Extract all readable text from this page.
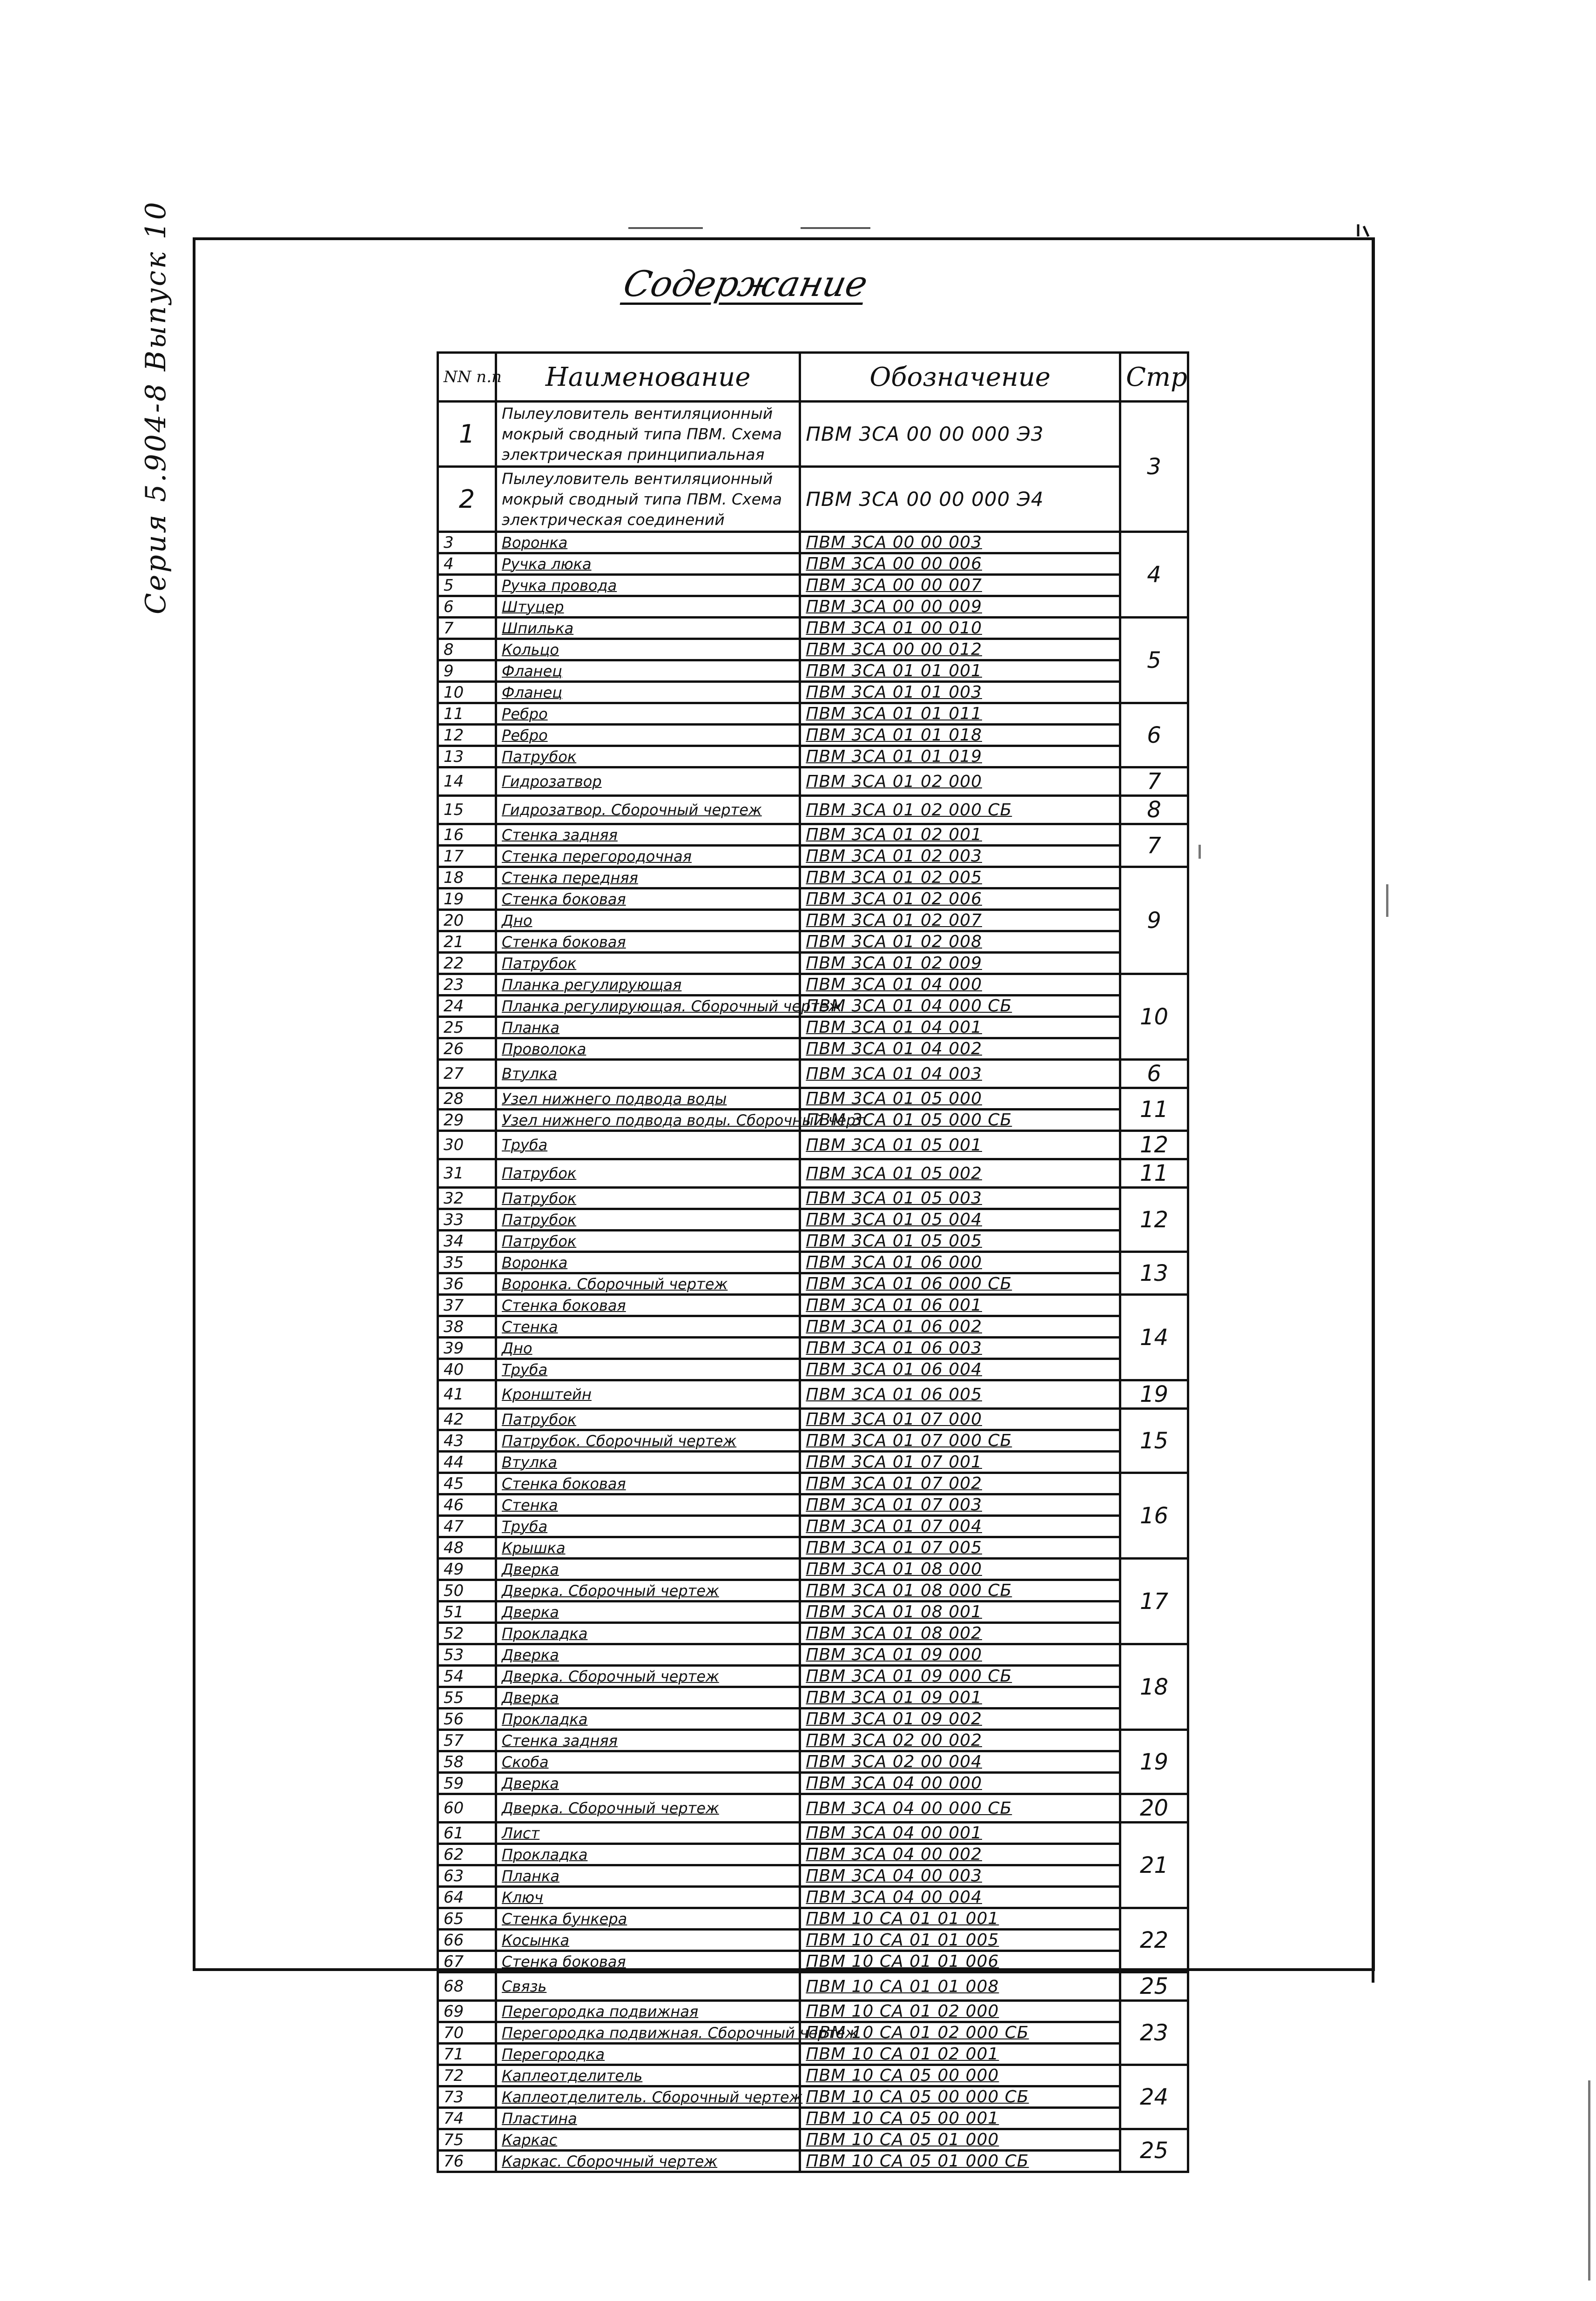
Серия 5.904-8 Выпуск 10	Содержание
NN п.п	Наименование	Обозначение	Стр
1	Пылеуловитель вентиляционный мокрый сводный типа ПВМ. Схема электрическая принципиальная	ПВМ 3СА 00 00 000 Э3	3
2	Пылеуловитель вентиляционный мокрый сводный типа ПВМ. Схема электрическая соединений	ПВМ 3СА 00 00 000 Э4	
3	Воронка	ПВМ 3СА 00 00 003	4
4	Ручка люка	ПВМ 3СА 00 00 006	
5	Ручка провода	ПВМ 3СА 00 00 007	
6	Штуцер	ПВМ 3СА 00 00 009	
7	Шпилька	ПВМ 3СА 01 00 010	5
8	Кольцо	ПВМ 3СА 00 00 012	
9	Фланец	ПВМ 3СА 01 01 001	
10	Фланец	ПВМ 3СА 01 01 003	
11	Ребро	ПВМ 3СА 01 01 011	6
12	Ребро	ПВМ 3СА 01 01 018	
13	Патрубок	ПВМ 3СА 01 01 019	
14	Гидрозатвор	ПВМ 3СА 01 02 000	7
15	Гидрозатвор. Сборочный чертеж	ПВМ 3СА 01 02 000 СБ	8
16	Стенка задняя	ПВМ 3СА 01 02 001	7
17	Стенка перегородочная	ПВМ 3СА 01 02 003	
18	Стенка передняя	ПВМ 3СА 01 02 005	9
19	Стенка боковая	ПВМ 3СА 01 02 006	
20	Дно	ПВМ 3СА 01 02 007	
21	Стенка боковая	ПВМ 3СА 01 02 008	
22	Патрубок	ПВМ 3СА 01 02 009	
23	Планка регулирующая	ПВМ 3СА 01 04 000	10
24	Планка регулирующая. Сборочный чертеж	ПВМ 3СА 01 04 000 СБ	
25	Планка	ПВМ 3СА 01 04 001	
26	Проволока	ПВМ 3СА 01 04 002	
27	Втулка	ПВМ 3СА 01 04 003	6
28	Узел нижнего подвода воды	ПВМ 3СА 01 05 000	11
29	Узел нижнего подвода воды. Сборочный черт.	ПВМ 3СА 01 05 000 СБ	
30	Труба	ПВМ 3СА 01 05 001	12
31	Патрубок	ПВМ 3СА 01 05 002	11
32	Патрубок	ПВМ 3СА 01 05 003	12
33	Патрубок	ПВМ 3СА 01 05 004	
34	Патрубок	ПВМ 3СА 01 05 005	
35	Воронка	ПВМ 3СА 01 06 000	13
36	Воронка. Сборочный чертеж	ПВМ 3СА 01 06 000 СБ	
37	Стенка боковая	ПВМ 3СА 01 06 001	14
38	Стенка	ПВМ 3СА 01 06 002	
39	Дно	ПВМ 3СА 01 06 003	
40	Труба	ПВМ 3СА 01 06 004	
41	Кронштейн	ПВМ 3СА 01 06 005	19
42	Патрубок	ПВМ 3СА 01 07 000	15
43	Патрубок. Сборочный чертеж	ПВМ 3СА 01 07 000 СБ	
44	Втулка	ПВМ 3СА 01 07 001	
45	Стенка боковая	ПВМ 3СА 01 07 002	16
46	Стенка	ПВМ 3СА 01 07 003	
47	Труба	ПВМ 3СА 01 07 004	
48	Крышка	ПВМ 3СА 01 07 005	
49	Дверка	ПВМ 3СА 01 08 000	17
50	Дверка. Сборочный чертеж	ПВМ 3СА 01 08 000 СБ	
51	Дверка	ПВМ 3СА 01 08 001	
52	Прокладка	ПВМ 3СА 01 08 002	
53	Дверка	ПВМ 3СА 01 09 000	18
54	Дверка. Сборочный чертеж	ПВМ 3СА 01 09 000 СБ	
55	Дверка	ПВМ 3СА 01 09 001	
56	Прокладка	ПВМ 3СА 01 09 002	
57	Стенка задняя	ПВМ 3СА 02 00 002	19
58	Скоба	ПВМ 3СА 02 00 004	
59	Дверка	ПВМ 3СА 04 00 000	
60	Дверка. Сборочный чертеж	ПВМ 3СА 04 00 000 СБ	20
61	Лист	ПВМ 3СА 04 00 001	21
62	Прокладка	ПВМ 3СА 04 00 002	
63	Планка	ПВМ 3СА 04 00 003	
64	Ключ	ПВМ 3СА 04 00 004	
65	Стенка бункера	ПВМ 10 СА 01 01 001	22
66	Косынка	ПВМ 10 СА 01 01 005	
67	Стенка боковая	ПВМ 10 СА 01 01 006	
68	Связь	ПВМ 10 СА 01 01 008	25
69	Перегородка подвижная	ПВМ 10 СА 01 02 000	23
70	Перегородка подвижная. Сборочный чертеж	ПВМ 10 СА 01 02 000 СБ	
71	Перегородка	ПВМ 10 СА 01 02 001	
72	Каплеотделитель	ПВМ 10 СА 05 00 000	24
73	Каплеотделитель. Сборочный чертеж	ПВМ 10 СА 05 00 000 СБ	
74	Пластина	ПВМ 10 СА 05 00 001	
75	Каркас	ПВМ 10 СА 05 01 000	25
76	Каркас. Сборочный чертеж	ПВМ 10 СА 05 01 000 СБ	
